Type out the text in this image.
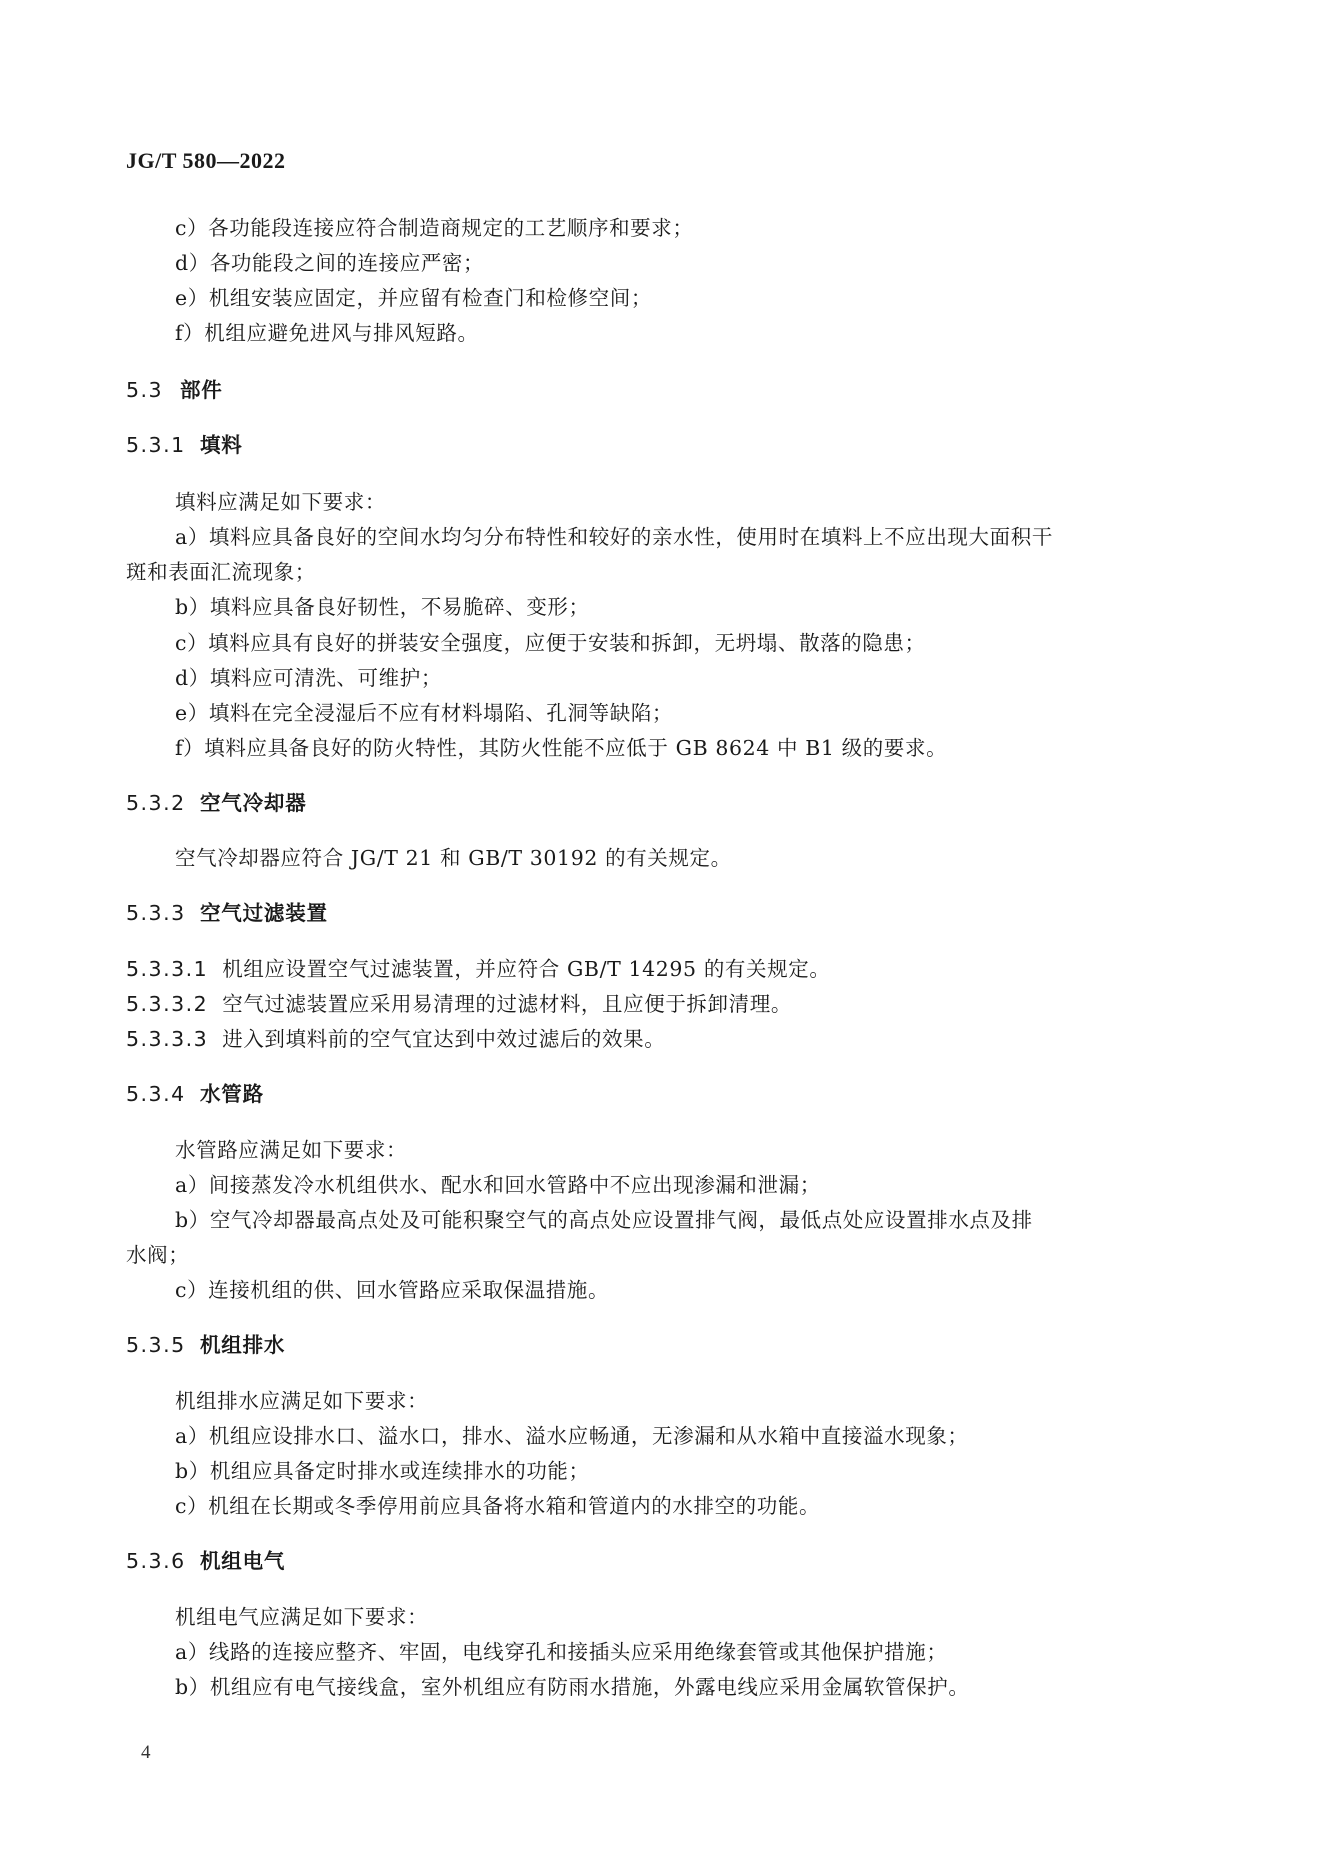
JG/T 580—2022
c）各功能段连接应符合制造商规定的工艺顺序和要求；
d）各功能段之间的连接应严密；
e）机组安装应固定，并应留有检查门和检修空间；
f）机组应避免进风与排风短路。
5.3 部件
5.3.1 填料
填料应满足如下要求：
a）填料应具备良好的空间水均匀分布特性和较好的亲水性，使用时在填料上不应出现大面积干
斑和表面汇流现象；
b）填料应具备良好韧性，不易脆碎、变形；
c）填料应具有良好的拼装安全强度，应便于安装和拆卸，无坍塌、散落的隐患；
d）填料应可清洗、可维护；
e）填料在完全浸湿后不应有材料塌陷、孔洞等缺陷；
f）填料应具备良好的防火特性，其防火性能不应低于 GB 8624 中 B1 级的要求。
5.3.2 空气冷却器
空气冷却器应符合 JG/T 21 和 GB/T 30192 的有关规定。
5.3.3 空气过滤装置
5.3.3.1 机组应设置空气过滤装置，并应符合 GB/T 14295 的有关规定。
5.3.3.2 空气过滤装置应采用易清理的过滤材料，且应便于拆卸清理。
5.3.3.3 进入到填料前的空气宜达到中效过滤后的效果。
5.3.4 水管路
水管路应满足如下要求：
a）间接蒸发冷水机组供水、配水和回水管路中不应出现渗漏和泄漏；
b）空气冷却器最高点处及可能积聚空气的高点处应设置排气阀，最低点处应设置排水点及排
水阀；
c）连接机组的供、回水管路应采取保温措施。
5.3.5 机组排水
机组排水应满足如下要求：
a）机组应设排水口、溢水口，排水、溢水应畅通，无渗漏和从水箱中直接溢水现象；
b）机组应具备定时排水或连续排水的功能；
c）机组在长期或冬季停用前应具备将水箱和管道内的水排空的功能。
5.3.6 机组电气
机组电气应满足如下要求：
a）线路的连接应整齐、牢固，电线穿孔和接插头应采用绝缘套管或其他保护措施；
b）机组应有电气接线盒，室外机组应有防雨水措施，外露电线应采用金属软管保护。
4
